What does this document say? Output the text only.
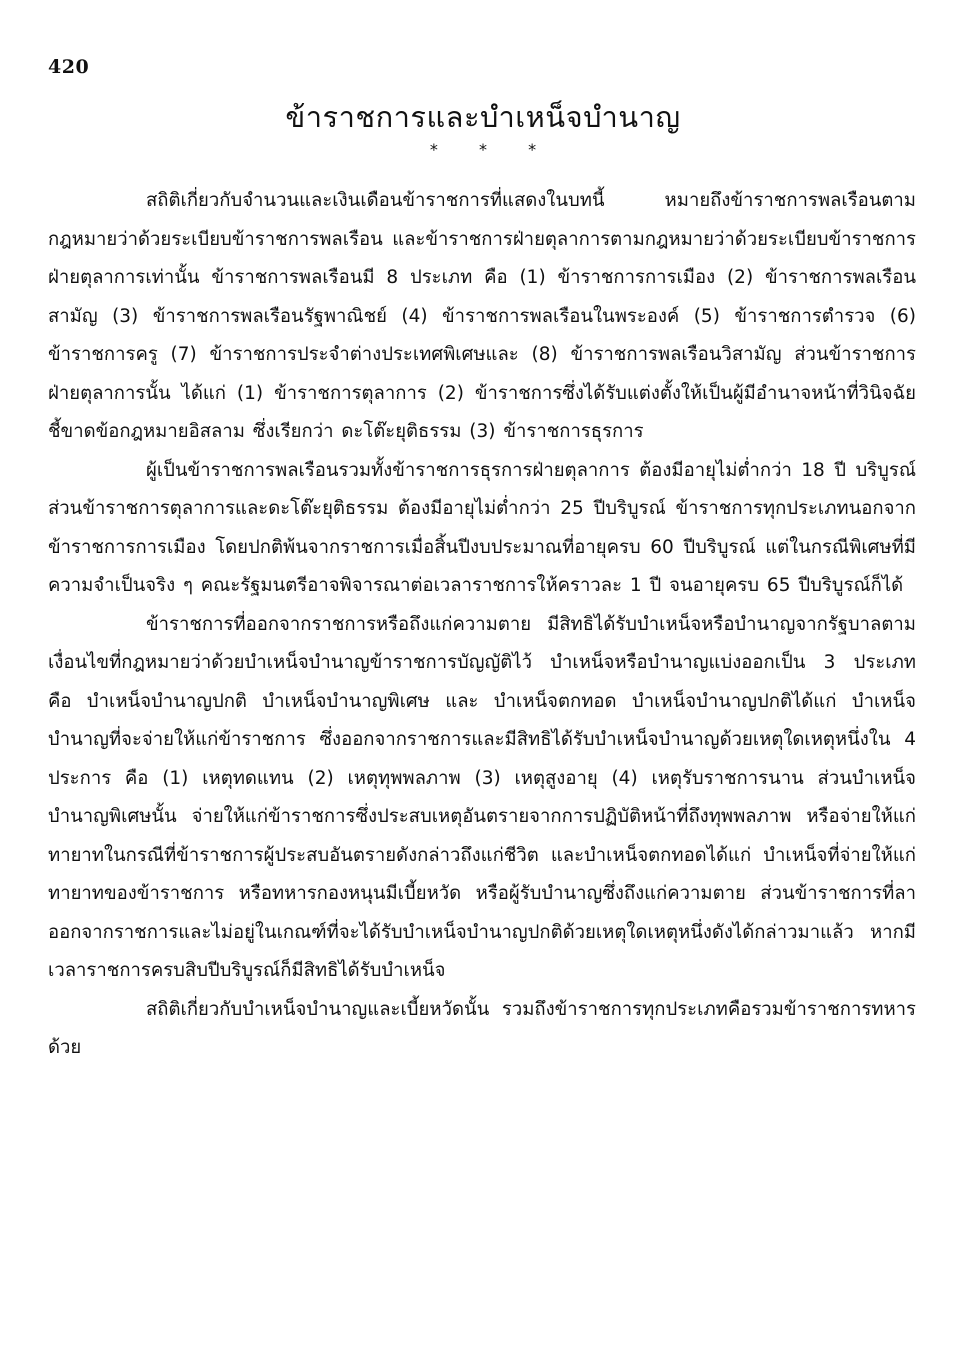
420
ข้าราชการและบำเหน็จบำนาญ
* * *

สถิติเกี่ยวกับจำนวนและเงินเดือนข้าราชการที่แสดงในบทนี้ หมายถึงข้าราชการพลเรือนตามกฎหมายว่าด้วยระเบียบข้าราชการพลเรือน และข้าราชการฝ่ายตุลาการตามกฎหมายว่าด้วยระเบียบข้าราชการฝ่ายตุลาการเท่านั้น ข้าราชการพลเรือนมี 8 ประเภท คือ (1) ข้าราชการการเมือง (2) ข้าราชการพลเรือนสามัญ (3) ข้าราชการพลเรือนรัฐพาณิชย์ (4) ข้าราชการพลเรือนในพระองค์ (5) ข้าราชการตำรวจ (6) ข้าราชการครู (7) ข้าราชการประจำต่างประเทศพิเศษและ (8) ข้าราชการพลเรือนวิสามัญ ส่วนข้าราชการฝ่ายตุลาการนั้น ได้แก่ (1) ข้าราชการตุลาการ (2) ข้าราชการซึ่งได้รับแต่งตั้งให้เป็นผู้มีอำนาจหน้าที่วินิจฉัยชี้ขาดข้อกฎหมายอิสลาม ซึ่งเรียกว่า ดะโต๊ะยุติธรรม (3) ข้าราชการธุรการ

ผู้เป็นข้าราชการพลเรือนรวมทั้งข้าราชการธุรการฝ่ายตุลาการ ต้องมีอายุไม่ต่ำกว่า 18 ปี บริบูรณ์ ส่วนข้าราชการตุลาการและดะโต๊ะยุติธรรม ต้องมีอายุไม่ต่ำกว่า 25 ปีบริบูรณ์ ข้าราชการทุกประเภทนอกจากข้าราชการการเมือง โดยปกติพ้นจากราชการเมื่อสิ้นปีงบประมาณที่อายุครบ 60 ปีบริบูรณ์ แต่ในกรณีพิเศษที่มีความจำเป็นจริง ๆ คณะรัฐมนตรีอาจพิจารณาต่อเวลาราชการให้คราวละ 1 ปี จนอายุครบ 65 ปีบริบูรณ์ก็ได้

ข้าราชการที่ออกจากราชการหรือถึงแก่ความตาย มีสิทธิได้รับบำเหน็จหรือบำนาญจากรัฐบาลตามเงื่อนไขที่กฎหมายว่าด้วยบำเหน็จบำนาญข้าราชการบัญญัติไว้ บำเหน็จหรือบำนาญแบ่งออกเป็น 3 ประเภท คือ บำเหน็จบำนาญปกติ บำเหน็จบำนาญพิเศษ และ บำเหน็จตกทอด บำเหน็จบำนาญปกติได้แก่ บำเหน็จบำนาญที่จะจ่ายให้แก่ข้าราชการ ซึ่งออกจากราชการและมีสิทธิได้รับบำเหน็จบำนาญด้วยเหตุใดเหตุหนึ่งใน 4 ประการ คือ (1) เหตุทดแทน (2) เหตุทุพพลภาพ (3) เหตุสูงอายุ (4) เหตุรับราชการนาน ส่วนบำเหน็จบำนาญพิเศษนั้น จ่ายให้แก่ข้าราชการซึ่งประสบเหตุอันตรายจากการปฏิบัติหน้าที่ถึงทุพพลภาพ หรือจ่ายให้แก่ทายาทในกรณีที่ข้าราชการผู้ประสบอันตรายดังกล่าวถึงแก่ชีวิต และบำเหน็จตกทอดได้แก่ บำเหน็จที่จ่ายให้แก่ทายาทของข้าราชการ หรือทหารกองหนุนมีเบี้ยหวัด หรือผู้รับบำนาญซึ่งถึงแก่ความตาย ส่วนข้าราชการที่ลาออกจากราชการและไม่อยู่ในเกณฑ์ที่จะได้รับบำเหน็จบำนาญปกติด้วยเหตุใดเหตุหนึ่งดังได้กล่าวมาแล้ว หากมีเวลาราชการครบสิบปีบริบูรณ์ก็มีสิทธิได้รับบำเหน็จ

สถิติเกี่ยวกับบำเหน็จบำนาญและเบี้ยหวัดนั้น รวมถึงข้าราชการทุกประเภทคือรวมข้าราชการทหารด้วย
